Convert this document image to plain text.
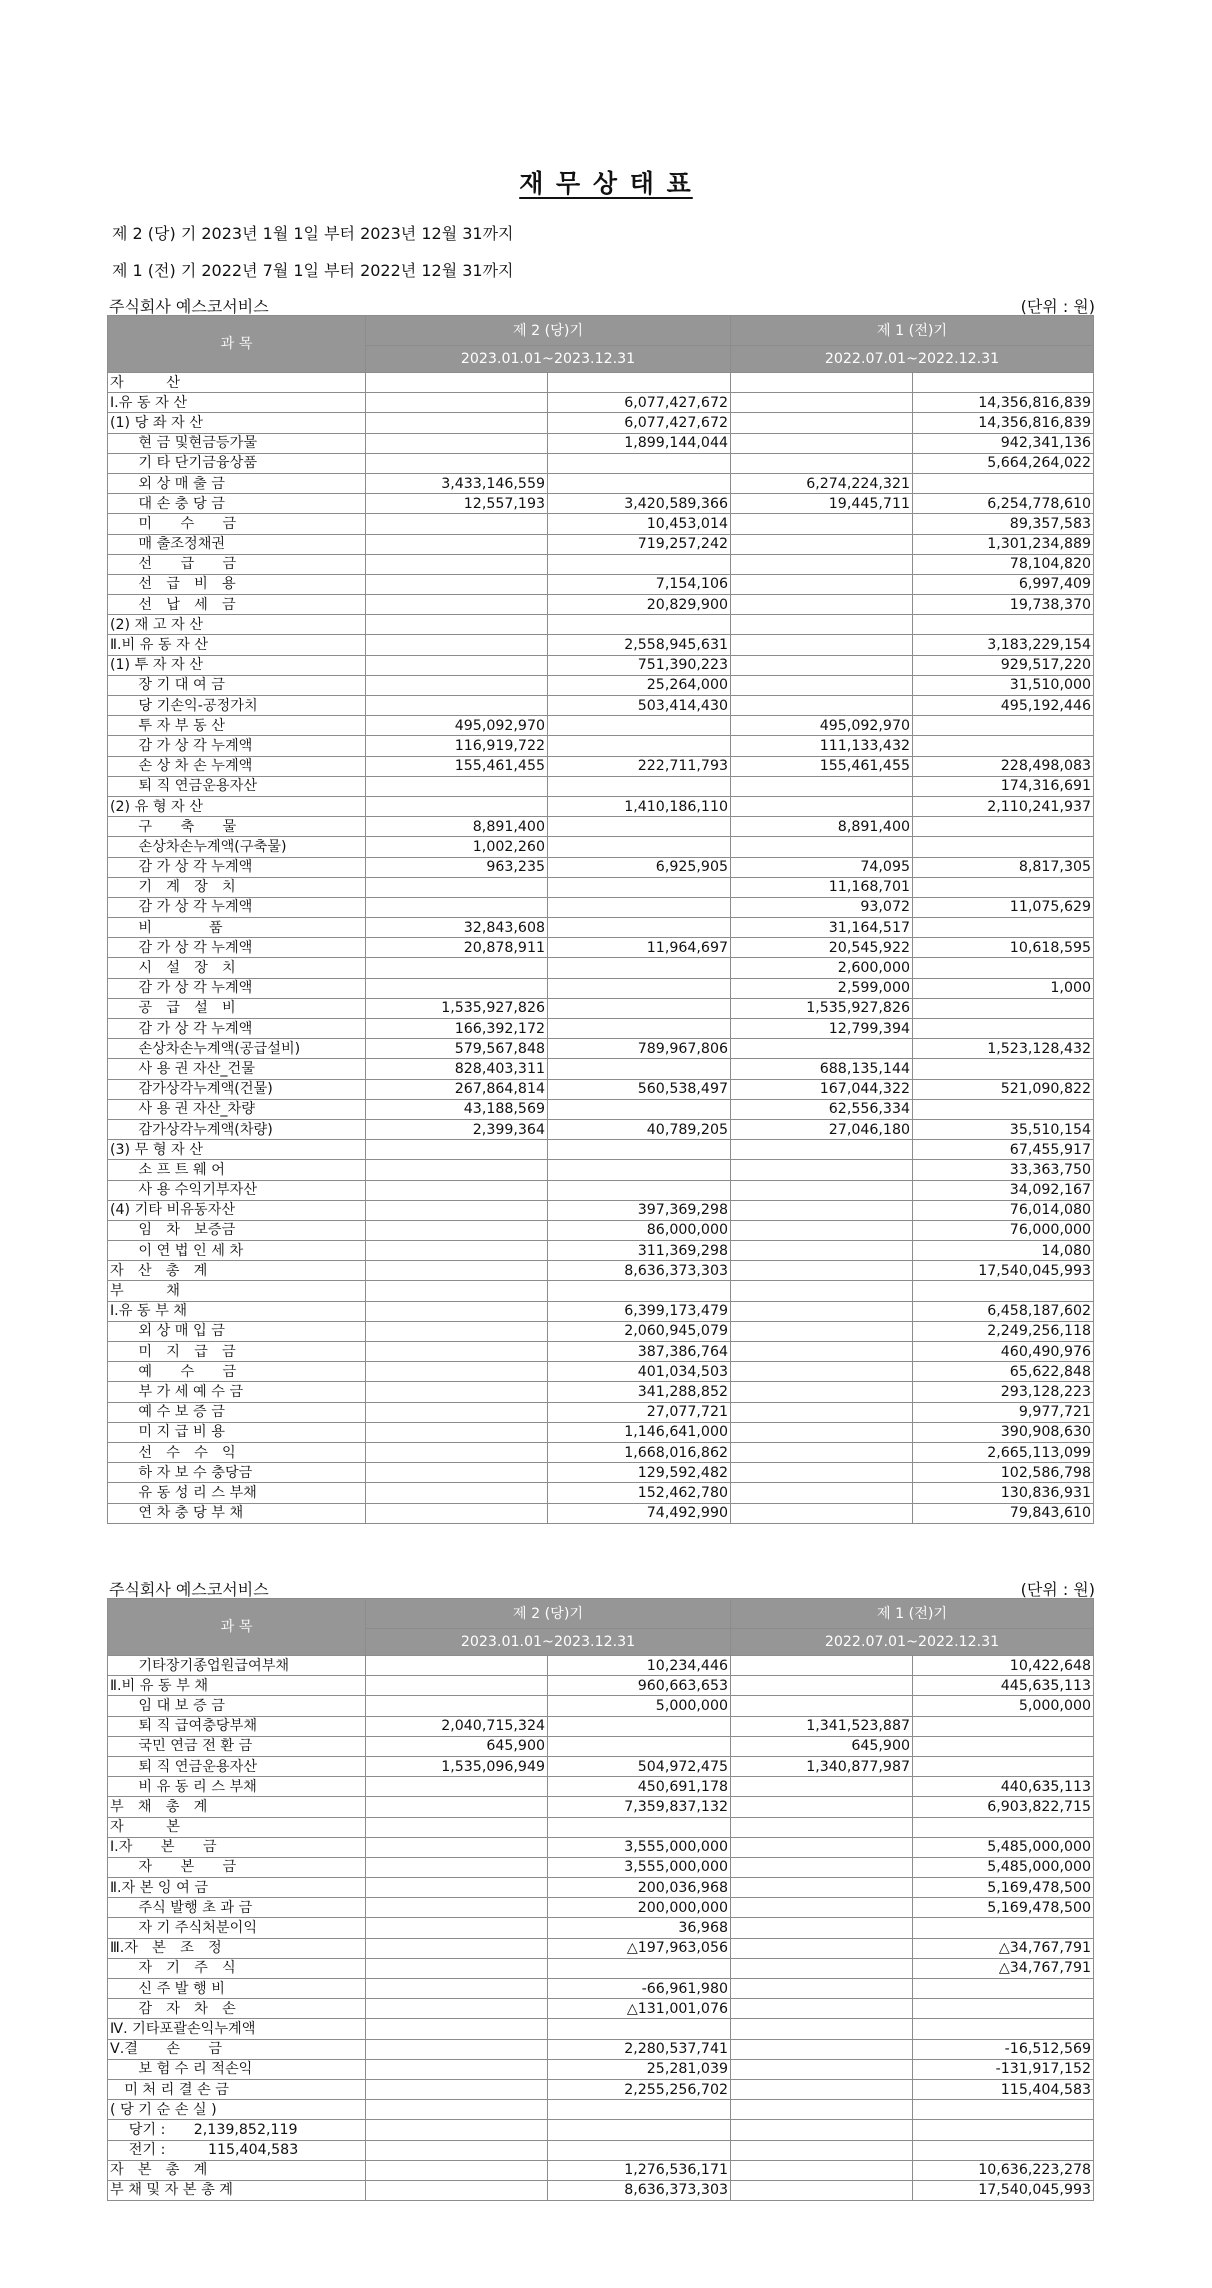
재 무 상 태 표
제 2 (당) 기 2023년 1월 1일 부터 2023년 12월 31까지
제 1 (전) 기 2022년 7월 1일 부터 2022년 12월 31까지
주식회사 예스코서비스	(단위 : 원)
과 목	제 2 (당)기		제 1 (전)기	
	2023.01.01~2023.12.31		2022.07.01~2022.12.31	
자　　　산				
Ⅰ.유 동 자 산		6,077,427,672		14,356,816,839
(1) 당 좌 자 산		6,077,427,672		14,356,816,839
　　현 금 및현금등가물		1,899,144,044		942,341,136
　　기 타 단기금융상품				5,664,264,022
　　외 상 매 출 금	3,433,146,559		6,274,224,321	
　　대 손 충 당 금	12,557,193	3,420,589,366	19,445,711	6,254,778,610
　　미　　수　　금		10,453,014		89,357,583
　　매 출조정채권		719,257,242		1,301,234,889
　　선　　급　　금				78,104,820
　　선　급　비　용		7,154,106		6,997,409
　　선　납　세　금		20,829,900		19,738,370
(2) 재 고 자 산				
Ⅱ.비 유 동 자 산		2,558,945,631		3,183,229,154
(1) 투 자 자 산		751,390,223		929,517,220
　　장 기 대 여 금		25,264,000		31,510,000
　　당 기손익-공정가치		503,414,430		495,192,446
　　투 자 부 동 산	495,092,970		495,092,970	
　　감 가 상 각 누계액	116,919,722		111,133,432	
　　손 상 차 손 누계액	155,461,455	222,711,793	155,461,455	228,498,083
　　퇴 직 연금운용자산				174,316,691
(2) 유 형 자 산		1,410,186,110		2,110,241,937
　　구　　축　　물	8,891,400		8,891,400	
　　손상차손누계액(구축물)	1,002,260			
　　감 가 상 각 누계액	963,235	6,925,905	74,095	8,817,305
　　기　계　장　치			11,168,701	
　　감 가 상 각 누계액			93,072	11,075,629
　　비　　　　품	32,843,608		31,164,517	
　　감 가 상 각 누계액	20,878,911	11,964,697	20,545,922	10,618,595
　　시　설　장　치			2,600,000	
　　감 가 상 각 누계액			2,599,000	1,000
　　공　급　설　비	1,535,927,826		1,535,927,826	
　　감 가 상 각 누계액	166,392,172		12,799,394	
　　손상차손누계액(공급설비)	579,567,848	789,967,806		1,523,128,432
　　사 용 권 자산_건물	828,403,311		688,135,144	
　　감가상각누계액(건물)	267,864,814	560,538,497	167,044,322	521,090,822
　　사 용 권 자산_차량	43,188,569		62,556,334	
　　감가상각누계액(차량)	2,399,364	40,789,205	27,046,180	35,510,154
(3) 무 형 자 산				67,455,917
　　소 프 트 웨 어				33,363,750
　　사 용 수익기부자산				34,092,167
(4) 기타 비유동자산		397,369,298		76,014,080
　　임　차　보증금		86,000,000		76,000,000
　　이 연 법 인 세 차		311,369,298		14,080
자　산　총　계		8,636,373,303		17,540,045,993
부　　　채				
Ⅰ.유 동 부 채		6,399,173,479		6,458,187,602
　　외 상 매 입 금		2,060,945,079		2,249,256,118
　　미　지　급　금		387,386,764		460,490,976
　　예　　수　　금		401,034,503		65,622,848
　　부 가 세 예 수 금		341,288,852		293,128,223
　　예 수 보 증 금		27,077,721		9,977,721
　　미 지 급 비 용		1,146,641,000		390,908,630
　　선　수　수　익		1,668,016,862		2,665,113,099
　　하 자 보 수 충당금		129,592,482		102,586,798
　　유 동 성 리 스 부채		152,462,780		130,836,931
　　연 차 충 당 부 채		74,492,990		79,843,610
주식회사 예스코서비스	(단위 : 원)
과 목	제 2 (당)기		제 1 (전)기	
	2023.01.01~2023.12.31		2022.07.01~2022.12.31	
　　기타장기종업원급여부채		10,234,446		10,422,648
Ⅱ.비 유 동 부 채		960,663,653		445,635,113
　　임 대 보 증 금		5,000,000		5,000,000
　　퇴 직 급여충당부채	2,040,715,324		1,341,523,887	
　　국민 연금 전 환 금	645,900		645,900	
　　퇴 직 연금운용자산	1,535,096,949	504,972,475	1,340,877,987	
　　비 유 동 리 스 부채		450,691,178		440,635,113
부　채　총　계		7,359,837,132		6,903,822,715
자　　　본				
Ⅰ.자　　본　　금		3,555,000,000		5,485,000,000
　　자　　본　　금		3,555,000,000		5,485,000,000
Ⅱ.자 본 잉 여 금		200,036,968		5,169,478,500
　　주식 발행 초 과 금		200,000,000		5,169,478,500
　　자 기 주식처분이익		36,968		
Ⅲ.자　본　조　정		△197,963,056		△34,767,791
　　자　기　주　식				△34,767,791
　　신 주 발 행 비		-66,961,980		
　　감　자　차　손		△131,001,076		
Ⅳ. 기타포괄손익누계액				
Ⅴ.결　　손　　금		2,280,537,741		-16,512,569
　　보 험 수 리 적손익		25,281,039		-131,917,152
　미 처 리 결 손 금		2,255,256,702		115,404,583
( 당 기 순 손 실 )				
　 당기 :　　2,139,852,119				
　 전기 :　　　115,404,583				
자　본　총　계		1,276,536,171		10,636,223,278
부 채 및 자 본 총 계		8,636,373,303		17,540,045,993
